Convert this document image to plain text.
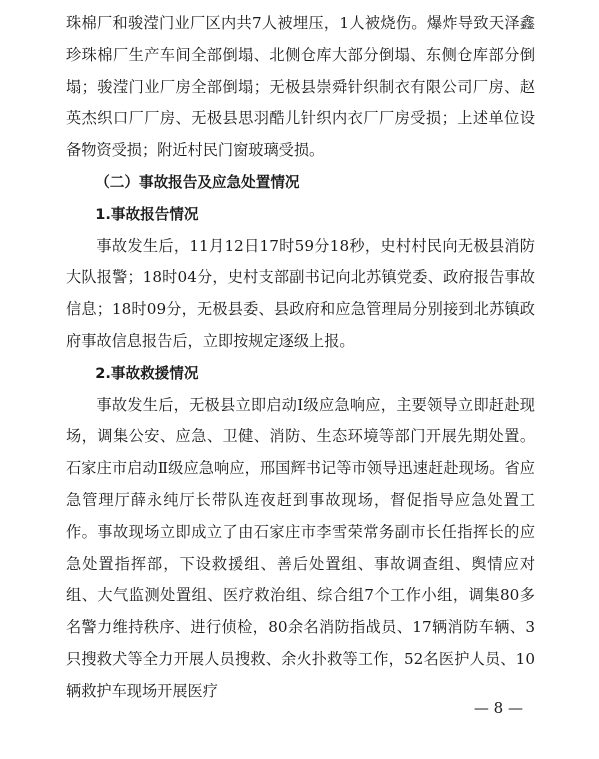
珠棉厂和骏滢门业厂区内共7人被埋压，1人被烧伤。爆炸导致天泽鑫珍珠棉厂生产车间全部倒塌、北侧仓库大部分倒塌、东侧仓库部分倒塌；骏滢门业厂房全部倒塌；无极县崇舜针织制衣有限公司厂房、赵英杰织口厂厂房、无极县思羽酷儿针织内衣厂厂房受损；上述单位设备物资受损；附近村民门窗玻璃受损。

（二）事故报告及应急处置情况

1.事故报告情况

事故发生后，11月12日17时59分18秒，史村村民向无极县消防大队报警；18时04分，史村支部副书记向北苏镇党委、政府报告事故信息；18时09分，无极县委、县政府和应急管理局分别接到北苏镇政府事故信息报告后，立即按规定逐级上报。

2.事故救援情况

事故发生后，无极县立即启动Ⅰ级应急响应，主要领导立即赶赴现场，调集公安、应急、卫健、消防、生态环境等部门开展先期处置。石家庄市启动Ⅱ级应急响应，邢国辉书记等市领导迅速赶赴现场。省应急管理厅薛永纯厅长带队连夜赶到事故现场，督促指导应急处置工作。事故现场立即成立了由石家庄市李雪荣常务副市长任指挥长的应急处置指挥部，下设救援组、善后处置组、事故调查组、舆情应对组、大气监测处置组、医疗救治组、综合组7个工作小组，调集80多名警力维持秩序、进行侦检，80余名消防指战员、17辆消防车辆、3只搜救犬等全力开展人员搜救、余火扑救等工作，52名医护人员、10辆救护车现场开展医疗

— 8 —
